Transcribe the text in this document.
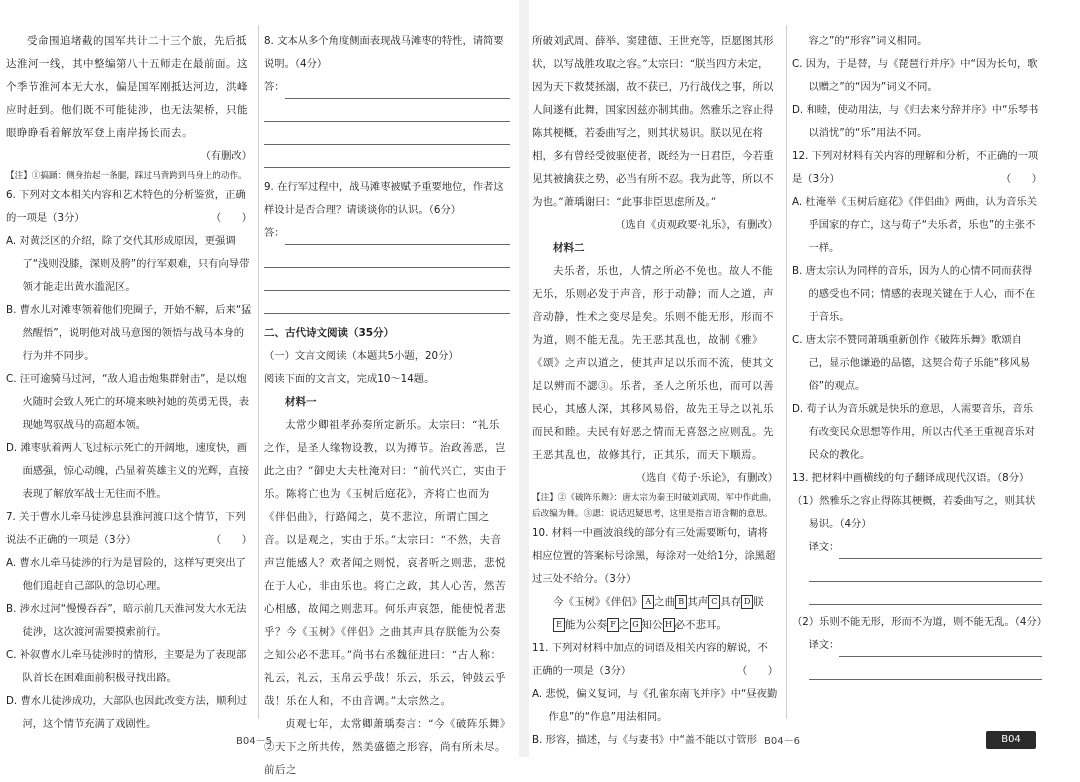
受命围追堵截的国军共计二十三个旅，先后抵达淮河一线，其中整编第八十五师走在最前面。这个季节淮河本无大水，偏是国军刚抵达河边，洪峰应时赶到。他们既不可能徒涉，也无法架桥，只能眼睁睁看着解放军登上南岸扬长而去。

（有删改）

【注】①搞踊：侧身抬起一条腿，踩过马背跨到马身上的动作。

6. 下列对文本相关内容和艺术特色的分析鉴赏，正确的一项是（3分）	（　　）

A. 对黄泛区的介绍，除了交代其形成原因，更强调了“浅则没膝，深则及胯”的行军艰难，只有向导带领才能走出黄水滥泥区。

B. 曹水儿对滩枣领着他们兜圈子，开始不解，后来“猛然醒悟”，说明他对战马意图的领悟与战马本身的行为并不同步。

C. 汪可逾骑马过河，“敌人追击炮集群射击”，是以炮火随时会致人死亡的环境来映衬她的英勇无畏，表现她驾驭战马的高超本领。

D. 滩枣驮着两人飞过标示死亡的开阔地，速度快，画面感强，惊心动魄，凸显着英雄主义的光辉，直接表现了解放军战士无往而不胜。

7. 关于曹水儿牵马徒涉息县淮河渡口这个情节，下列说法不正确的一项是（3分）	（　　）

A. 曹水儿牵马徒涉的行为是冒险的，这样写更突出了他们追赶自己部队的急切心理。

B. 涉水过河“慢慢吞吞”，暗示前几天淮河发大水无法徒涉，这次渡河需要摸索前行。

C. 补叙曹水儿牵马徒涉时的情形，主要是为了表现部队首长在困难面前积极寻找出路。

D. 曹水儿徒涉成功，大部队也因此改变方法，顺利过河，这个情节充满了戏剧性。

8. 文本从多个角度侧面表现战马滩枣的特性，请简要说明。（4分）

答：

9. 在行军过程中，战马滩枣被赋予重要地位，作者这样设计是否合理？请谈谈你的认识。（6分）

答：

二、古代诗文阅读（35分）

（一）文言文阅读（本题共5小题，20分）

阅读下面的文言文，完成10～14题。

材料一

太常少卿祖孝孙奏所定新乐。太宗曰：“礼乐之作，是圣人缘物设教，以为撙节。治政善恶，岂此之由？”御史大夫杜淹对曰：“前代兴亡，实由于乐。陈将亡也为《玉树后庭花》，齐将亡也而为《伴侣曲》，行路闻之，莫不悲泣，所谓亡国之音。以是观之，实由于乐。”太宗曰：“不然，夫音声岂能感人？欢者闻之则悦，哀者听之则悲，悲悦在于人心，非由乐也。将亡之政，其人心苦，然苦心相感，故闻之则悲耳。何乐声哀怨，能使悦者悲乎？今《玉树》《伴侣》之曲其声具存朕能为公奏之知公必不悲耳。”尚书右丞魏征进曰：“古人称：礼云，礼云，玉帛云乎哉！乐云，乐云，钟鼓云乎哉！乐在人和，不由音调。”太宗然之。

贞观七年，太常卿萧瑀奏言：“今《破阵乐舞》②天下之所共传，然美盛德之形容，尚有所未尽。前后之

所破刘武周、薛举、窦建德、王世充等，臣愿图其形状，以写战胜攻取之容。”太宗曰：“朕当四方未定，因为天下救焚拯溺，故不获已，乃行战伐之事，所以人间遂有此舞，国家因兹亦制其曲。然雅乐之容止得陈其梗概，若委曲写之，则其状易识。朕以见在将相，多有曾经受彼驱使者，既经为一日君臣，今若重见其被擒获之势，必当有所不忍。我为此等，所以不为也。”萧瑀谢曰：“此事非臣思虑所及。”

（选自《贞观政要·礼乐》，有删改）

材料二

夫乐者，乐也，人情之所必不免也。故人不能无乐，乐则必发于声音，形于动静；而人之道，声音动静，性术之变尽是矣。乐则不能无形，形而不为道，则不能无乱。先王恶其乱也，故制《雅》《颂》之声以道之，使其声足以乐而不流，使其文足以辨而不諰③。乐者，圣人之所乐也，而可以善民心，其感人深，其移风易俗，故先王导之以礼乐而民和睦。夫民有好恶之情而无喜怒之应则乱。先王恶其乱也，故修其行，正其乐，而天下顺焉。

（选自《荀子·乐论》，有删改）

【注】②《破阵乐舞》：唐太宗为秦王时破刘武周，军中作此曲，后改编为舞。③諰：说话迟疑思考，这里是指言语含糊的意思。

10. 材料一中画波浪线的部分有三处需要断句，请将相应位置的答案标号涂黑，每涂对一处给1分，涂黑超过三处不给分。（3分）

今《玉树》《伴侣》 A 之曲 B 其声 C 具存 D 朕
E 能为公奏 F 之 G 知公 H 必不悲耳。

11. 下列对材料中加点的词语及相关内容的解说，不正确的一项是（3分）	（　　）

A. 悲悦，偏义复词，与《孔雀东南飞并序》中“昼夜勤作息”的“作息”用法相同。

B. 形容，描述，与《与妻书》中“盖不能以寸管形

容之”的“形容”词义相同。

C. 因为，于是替，与《琵琶行并序》中“因为长句，歌以赠之”的“因为”词义不同。

D. 和睦，使动用法，与《归去来兮辞并序》中“乐琴书以消忧”的“乐”用法不同。

12. 下列对材料有关内容的理解和分析，不正确的一项是（3分）	（　　）

A. 杜淹举《玉树后庭花》《伴侣曲》两曲，认为音乐关乎国家的存亡，这与荀子“夫乐者，乐也”的主张不一样。

B. 唐太宗认为同样的音乐，因为人的心情不同而获得的感受也不同；情感的表现关键在于人心，而不在于音乐。

C. 唐太宗不赞同萧瑀重新创作《破阵乐舞》歌颂自己，显示他谦逊的品德，这契合荀子乐能“移风易俗”的观点。

D. 荀子认为音乐就是快乐的意思，人需要音乐，音乐有改变民众思想等作用，所以古代圣王重视音乐对民众的教化。

13. 把材料中画横线的句子翻译成现代汉语。（8分）

（1）然雅乐之容止得陈其梗概，若委曲写之，则其状易识。（4分）

译文：

（2）乐则不能无形，形而不为道，则不能无乱。（4分）

译文：
B04－5	B04－6	B04
